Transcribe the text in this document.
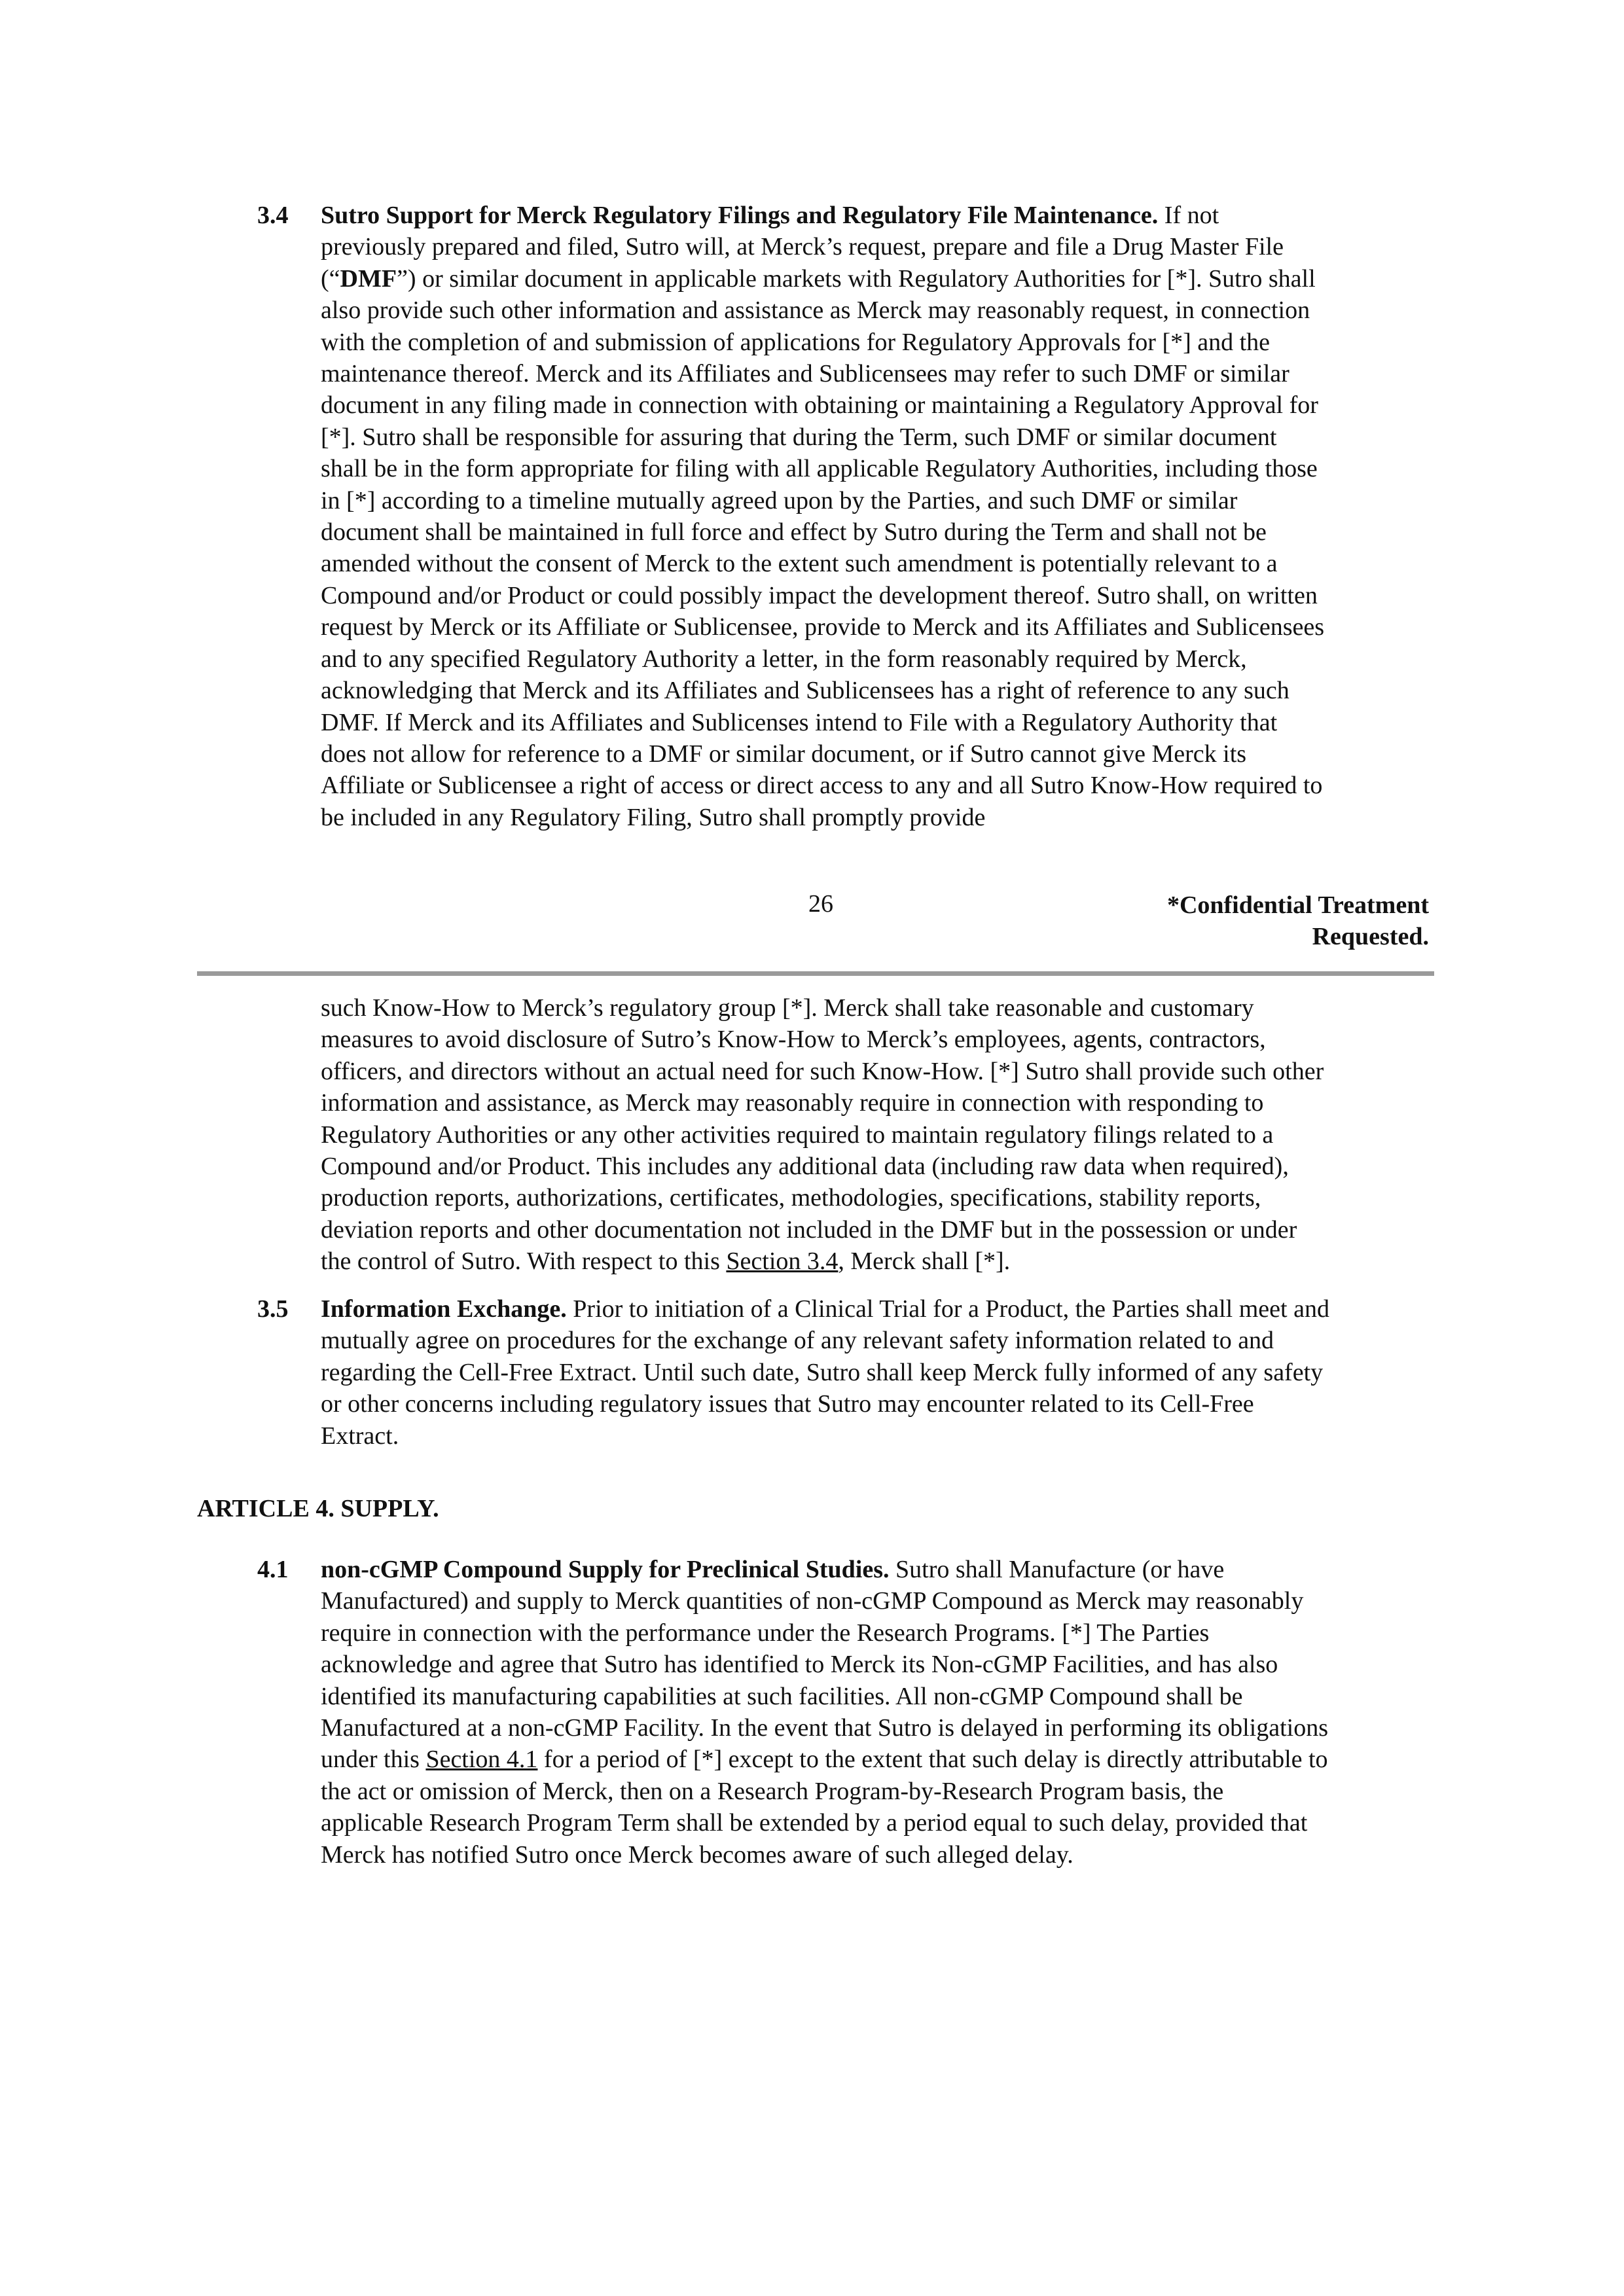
3.4 Sutro Support for Merck Regulatory Filings and Regulatory File Maintenance. If not
previously prepared and filed, Sutro will, at Merck’s request, prepare and file a Drug Master File
(“DMF”) or similar document in applicable markets with Regulatory Authorities for [*]. Sutro shall
also provide such other information and assistance as Merck may reasonably request, in connection
with the completion of and submission of applications for Regulatory Approvals for [*] and the
maintenance thereof. Merck and its Affiliates and Sublicensees may refer to such DMF or similar
document in any filing made in connection with obtaining or maintaining a Regulatory Approval for
[*]. Sutro shall be responsible for assuring that during the Term, such DMF or similar document
shall be in the form appropriate for filing with all applicable Regulatory Authorities, including those
in [*] according to a timeline mutually agreed upon by the Parties, and such DMF or similar
document shall be maintained in full force and effect by Sutro during the Term and shall not be
amended without the consent of Merck to the extent such amendment is potentially relevant to a
Compound and/or Product or could possibly impact the development thereof. Sutro shall, on written
request by Merck or its Affiliate or Sublicensee, provide to Merck and its Affiliates and Sublicensees
and to any specified Regulatory Authority a letter, in the form reasonably required by Merck,
acknowledging that Merck and its Affiliates and Sublicensees has a right of reference to any such
DMF. If Merck and its Affiliates and Sublicenses intend to File with a Regulatory Authority that
does not allow for reference to a DMF or similar document, or if Sutro cannot give Merck its
Affiliate or Sublicensee a right of access or direct access to any and all Sutro Know-How required to
be included in any Regulatory Filing, Sutro shall promptly provide
26	*Confidential Treatment
Requested.
such Know-How to Merck’s regulatory group [*]. Merck shall take reasonable and customary
measures to avoid disclosure of Sutro’s Know-How to Merck’s employees, agents, contractors,
officers, and directors without an actual need for such Know-How. [*] Sutro shall provide such other
information and assistance, as Merck may reasonably require in connection with responding to
Regulatory Authorities or any other activities required to maintain regulatory filings related to a
Compound and/or Product. This includes any additional data (including raw data when required),
production reports, authorizations, certificates, methodologies, specifications, stability reports,
deviation reports and other documentation not included in the DMF but in the possession or under
the control of Sutro. With respect to this Section 3.4, Merck shall [*].
3.5 Information Exchange. Prior to initiation of a Clinical Trial for a Product, the Parties shall meet and
mutually agree on procedures for the exchange of any relevant safety information related to and
regarding the Cell-Free Extract. Until such date, Sutro shall keep Merck fully informed of any safety
or other concerns including regulatory issues that Sutro may encounter related to its Cell-Free
Extract.
ARTICLE 4. SUPPLY.
4.1 non-cGMP Compound Supply for Preclinical Studies. Sutro shall Manufacture (or have
Manufactured) and supply to Merck quantities of non-cGMP Compound as Merck may reasonably
require in connection with the performance under the Research Programs. [*] The Parties
acknowledge and agree that Sutro has identified to Merck its Non-cGMP Facilities, and has also
identified its manufacturing capabilities at such facilities. All non-cGMP Compound shall be
Manufactured at a non-cGMP Facility. In the event that Sutro is delayed in performing its obligations
under this Section 4.1 for a period of [*] except to the extent that such delay is directly attributable to
the act or omission of Merck, then on a Research Program-by-Research Program basis, the
applicable Research Program Term shall be extended by a period equal to such delay, provided that
Merck has notified Sutro once Merck becomes aware of such alleged delay.
